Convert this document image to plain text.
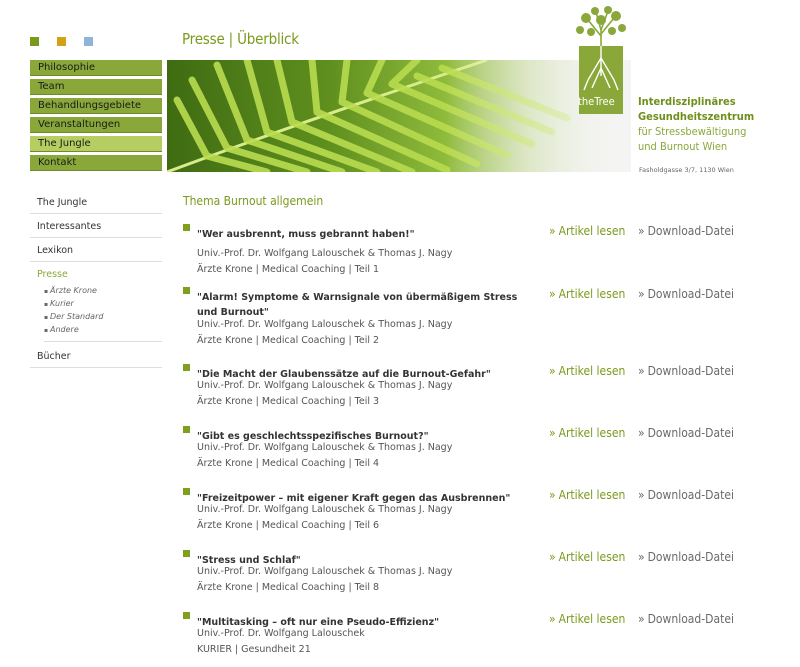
Presse | Überblick
Philosophie
Team
Behandlungsgebiete
Veranstaltungen
The Jungle
Kontakt
theTree Interdisziplinäres
Gesundheitszentrum
für Stressbewältigung
und Burnout Wien
Fasholdgasse 3/7, 1130 Wien
The Jungle
Interessantes
Lexikon
Presse
▪ Ärzte Krone
▪ Kurier
▪ Der Standard
▪ Andere
Bücher
Thema Burnout allgemein
"Wer ausbrennt, muss gebrannt haben!"
Univ.-Prof. Dr. Wolfgang Lalouschek & Thomas J. Nagy
Ärzte Krone | Medical Coaching | Teil 1
» Artikel lesen » Download-Datei
"Alarm! Symptome & Warnsignale von übermäßigem Stress und Burnout"
Univ.-Prof. Dr. Wolfgang Lalouschek & Thomas J. Nagy
Ärzte Krone | Medical Coaching | Teil 2
» Artikel lesen » Download-Datei
"Die Macht der Glaubenssätze auf die Burnout-Gefahr"
Univ.-Prof. Dr. Wolfgang Lalouschek & Thomas J. Nagy
Ärzte Krone | Medical Coaching | Teil 3
» Artikel lesen » Download-Datei
"Gibt es geschlechtsspezifisches Burnout?"
Univ.-Prof. Dr. Wolfgang Lalouschek & Thomas J. Nagy
Ärzte Krone | Medical Coaching | Teil 4
» Artikel lesen » Download-Datei
"Freizeitpower – mit eigener Kraft gegen das Ausbrennen"
Univ.-Prof. Dr. Wolfgang Lalouschek & Thomas J. Nagy
Ärzte Krone | Medical Coaching | Teil 6
» Artikel lesen » Download-Datei
"Stress und Schlaf"
Univ.-Prof. Dr. Wolfgang Lalouschek & Thomas J. Nagy
Ärzte Krone | Medical Coaching | Teil 8
» Artikel lesen » Download-Datei
"Multitasking – oft nur eine Pseudo-Effizienz"
Univ.-Prof. Dr. Wolfgang Lalouschek
KURIER | Gesundheit 21
» Artikel lesen » Download-Datei
